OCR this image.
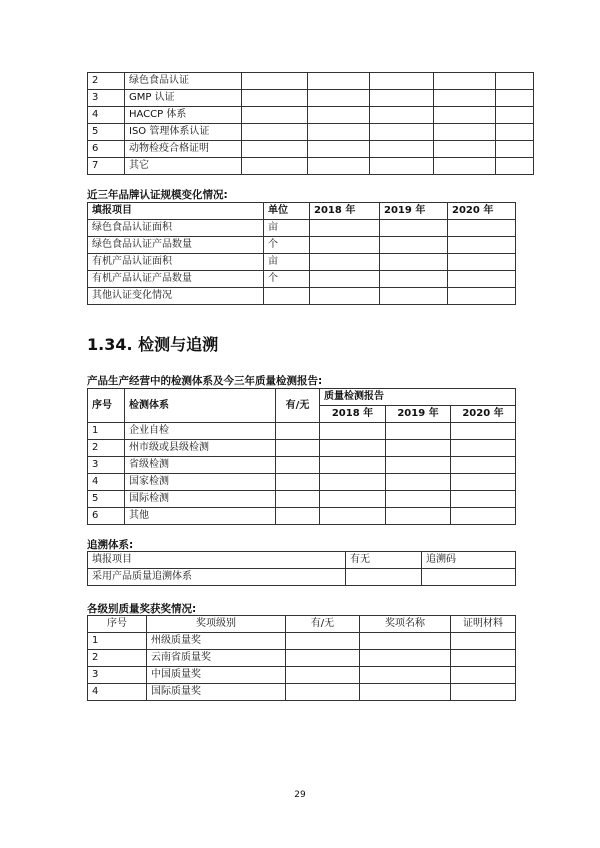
2	绿色食品认证					
3	GMP 认证					
4	HACCP 体系					
5	ISO 管理体系认证					
6	动物检疫合格证明					
7	其它					
近三年品牌认证规模变化情况:
填报项目	单位	2018 年	2019 年	2020 年
绿色食品认证面积	亩			
绿色食品认证产品数量	个			
有机产品认证面积	亩			
有机产品认证产品数量	个			
其他认证变化情况				
1.34. 检测与追溯
产品生产经营中的检测体系及今三年质量检测报告:
序号	检测体系	有/无	质量检测报告		
			2018 年	2019 年	2020 年
1	企业自检				
2	州市级或县级检测				
3	省级检测				
4	国家检测				
5	国际检测				
6	其他				
追溯体系:
填报项目	有无	追溯码
采用产品质量追溯体系		
各级别质量奖获奖情况:
序号	奖项级别	有/无	奖项名称	证明材料
1	州级质量奖			
2	云南省质量奖			
3	中国质量奖			
4	国际质量奖			
29
